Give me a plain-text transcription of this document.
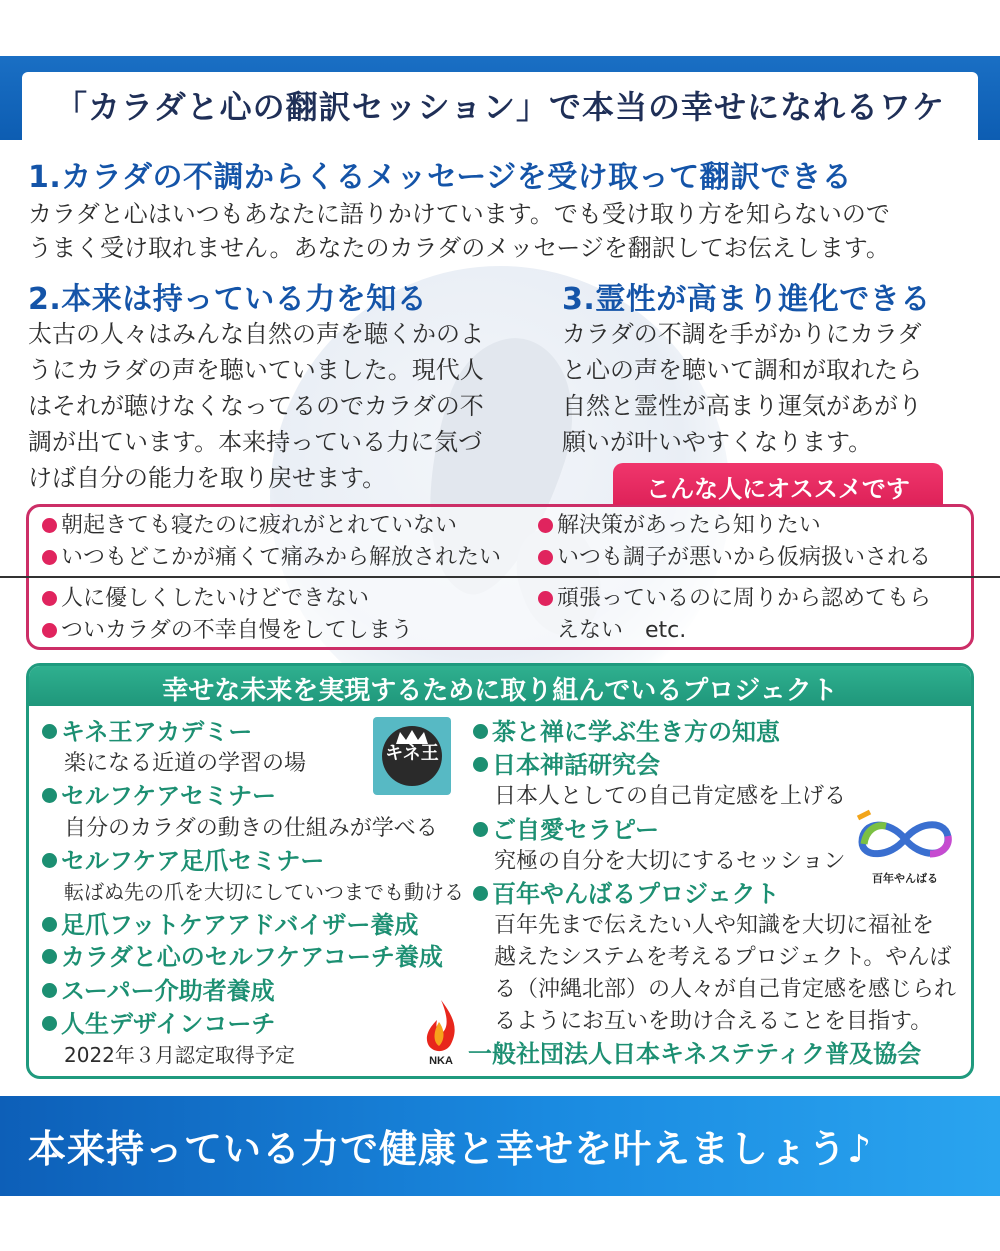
「カラダと心の翻訳セッション」で本当の幸せになれるワケ
1.カラダの不調からくるメッセージを受け取って翻訳できる
カラダと心はいつもあなたに語りかけています。でも受け取り方を知らないので
うまく受け取れません。あなたのカラダのメッセージを翻訳してお伝えします。
2.本来は持っている力を知る
太古の人々はみんな自然の声を聴くかのよ
うにカラダの声を聴いていました。現代人
はそれが聴けなくなってるのでカラダの不
調が出ています。本来持っている力に気づ
けば自分の能力を取り戻せます。
3.霊性が高まり進化できる
カラダの不調を手がかりにカラダ
と心の声を聴いて調和が取れたら
自然と霊性が高まり運気があがり
願いが叶いやすくなります。
こんな人にオススメです
朝起きても寝たのに疲れがとれていない
いつもどこかが痛くて痛みから解放されたい
人に優しくしたいけどできない
ついカラダの不幸自慢をしてしまう
解決策があったら知りたい
いつも調子が悪いから仮病扱いされる
頑張っているのに周りから認めてもら
えない　etc.
幸せな未来を実現するために取り組んでいるプロジェクト
キネ王アカデミー
楽になる近道の学習の場
セルフケアセミナー
自分のカラダの動きの仕組みが学べる
セルフケア足爪セミナー
転ばぬ先の爪を大切にしていつまでも動ける
足爪フットケアアドバイザー養成
カラダと心のセルフケアコーチ養成
スーパー介助者養成
人生デザインコーチ
2022年３月認定取得予定
茶と禅に学ぶ生き方の知恵
日本神話研究会
日本人としての自己肯定感を上げる
ご自愛セラピー
究極の自分を大切にするセッション
百年やんばるプロジェクト
百年先まで伝えたい人や知識を大切に福祉を
越えたシステムを考えるプロジェクト。やんば
る（沖縄北部）の人々が自己肯定感を感じられ
るようにお互いを助け合えることを目指す。
一般社団法人日本キネステティク普及協会
キネ王
百年やんばる
NKA
本来持っている力で健康と幸せを叶えましょう♪
